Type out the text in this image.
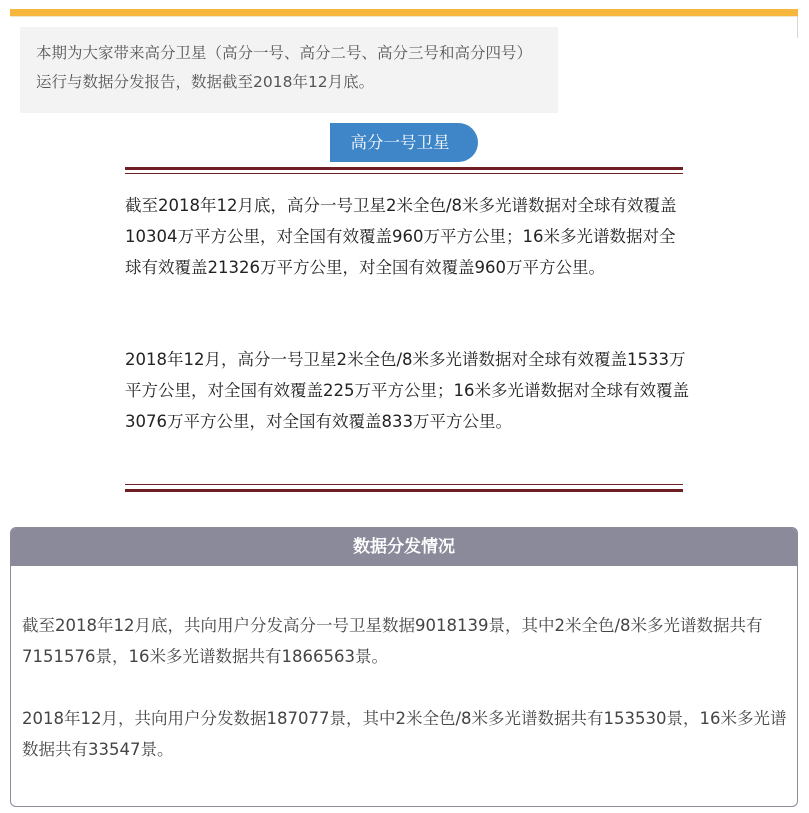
本期为大家带来高分卫星（高分一号、高分二号、高分三号和高分四号）运行与数据分发报告，数据截至2018年12月底。
高分一号卫星

截至2018年12月底，高分一号卫星2米全色/8米多光谱数据对全球有效覆盖10304万平方公里，对全国有效覆盖960万平方公里；16米多光谱数据对全球有效覆盖21326万平方公里，对全国有效覆盖960万平方公里。

2018年12月，高分一号卫星2米全色/8米多光谱数据对全球有效覆盖1533万平方公里，对全国有效覆盖225万平方公里；16米多光谱数据对全球有效覆盖3076万平方公里，对全国有效覆盖833万平方公里。

数据分发情况

截至2018年12月底，共向用户分发高分一号卫星数据9018139景，其中2米全色/8米多光谱数据共有7151576景，16米多光谱数据共有1866563景。

2018年12月，共向用户分发数据187077景，其中2米全色/8米多光谱数据共有153530景，16米多光谱数据共有33547景。
